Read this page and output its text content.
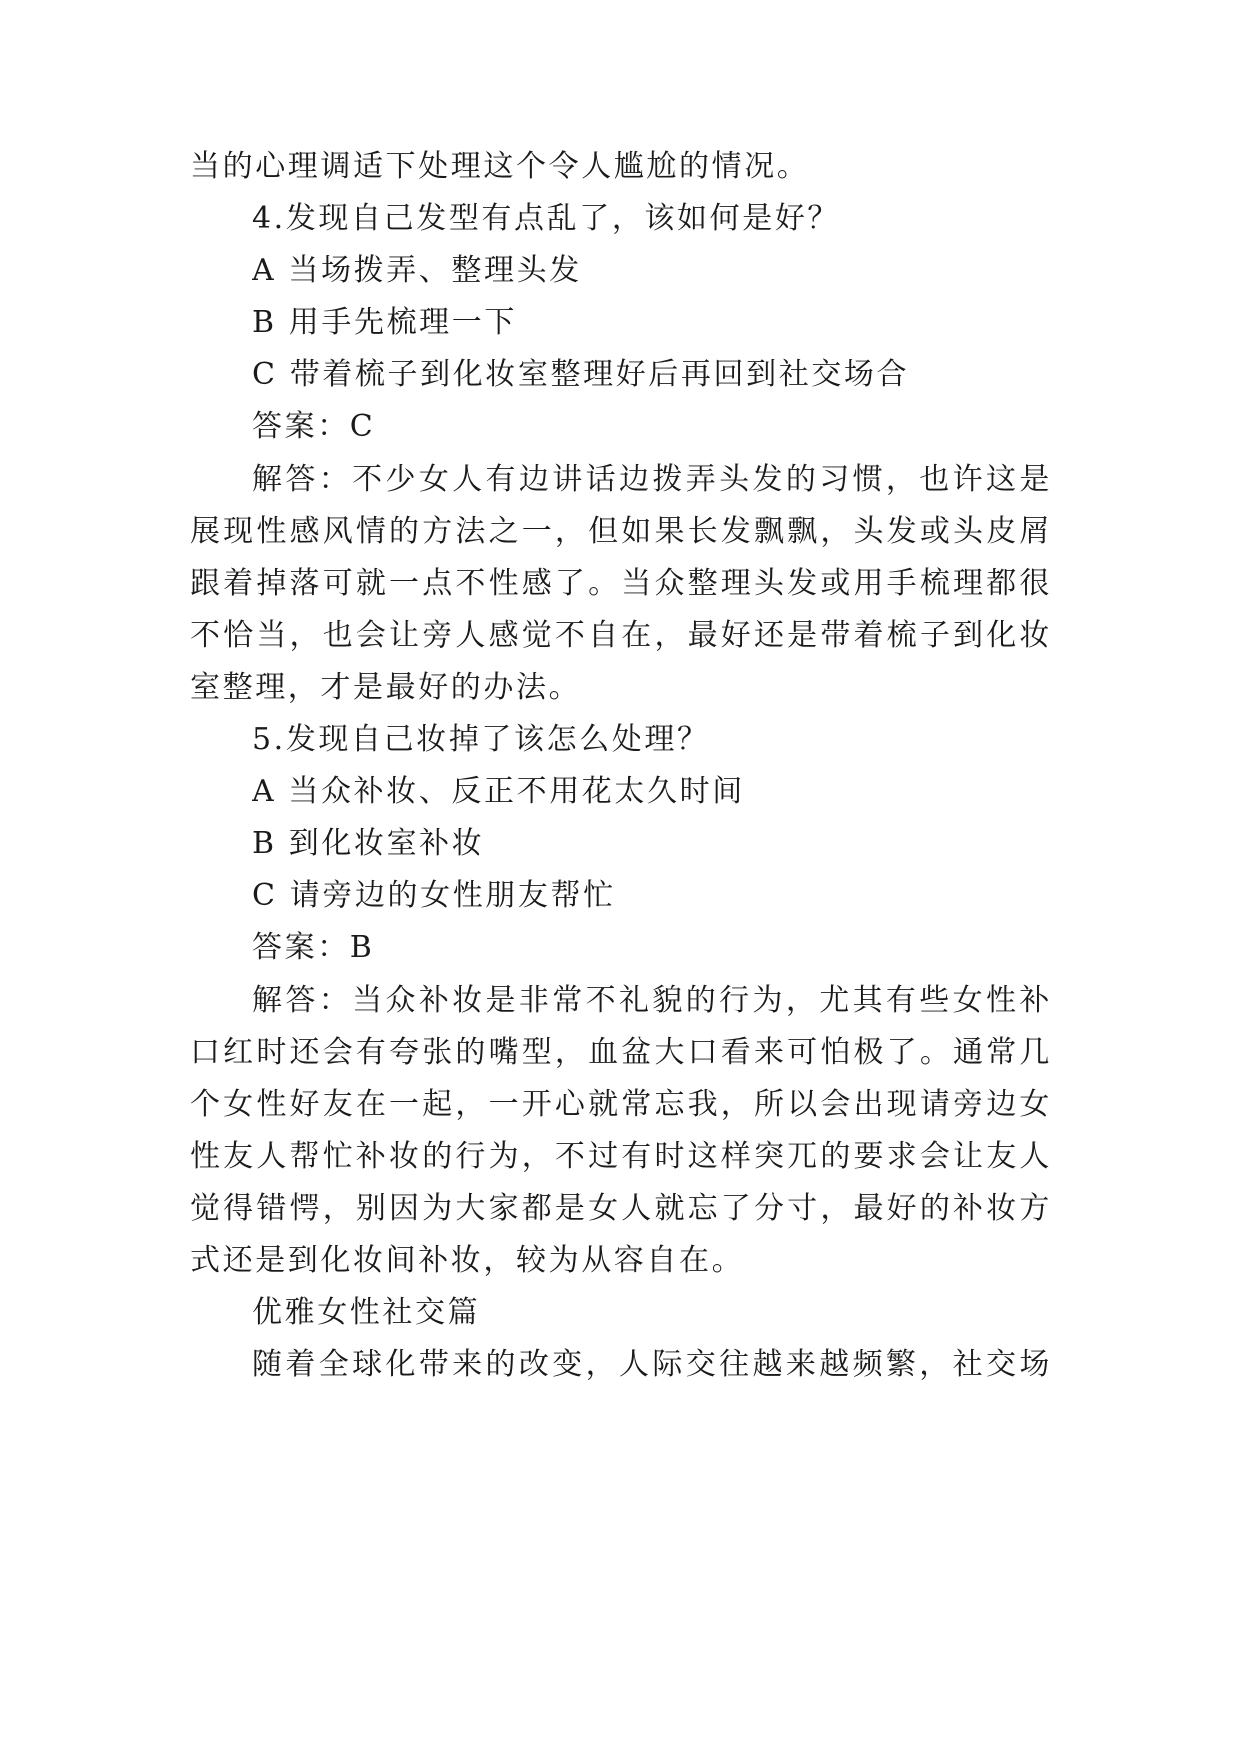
当的心理调适下处理这个令人尴尬的情况。
4.发现自己发型有点乱了，该如何是好？
A 当场拨弄、整理头发
B 用手先梳理一下
C 带着梳子到化妆室整理好后再回到社交场合
答案：C
解答：不少女人有边讲话边拨弄头发的习惯，也许这是
展现性感风情的方法之一，但如果长发飘飘，头发或头皮屑
跟着掉落可就一点不性感了。当众整理头发或用手梳理都很
不恰当，也会让旁人感觉不自在，最好还是带着梳子到化妆
室整理，才是最好的办法。
5.发现自己妆掉了该怎么处理？
A 当众补妆、反正不用花太久时间
B 到化妆室补妆
C 请旁边的女性朋友帮忙
答案：B
解答：当众补妆是非常不礼貌的行为，尤其有些女性补
口红时还会有夸张的嘴型，血盆大口看来可怕极了。通常几
个女性好友在一起，一开心就常忘我，所以会出现请旁边女
性友人帮忙补妆的行为，不过有时这样突兀的要求会让友人
觉得错愕，别因为大家都是女人就忘了分寸，最好的补妆方
式还是到化妆间补妆，较为从容自在。
优雅女性社交篇
随着全球化带来的改变，人际交往越来越频繁，社交场
